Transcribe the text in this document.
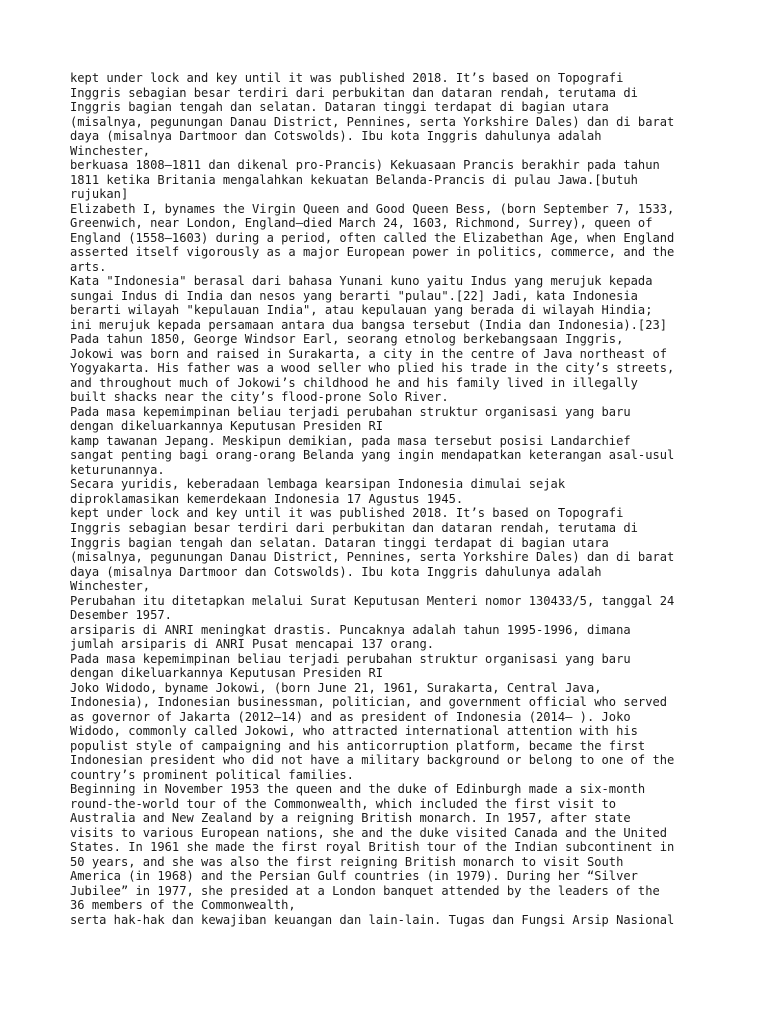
kept under lock and key until it was published 2018. It’s based on Topografi
Inggris sebagian besar terdiri dari perbukitan dan dataran rendah, terutama di
Inggris bagian tengah dan selatan. Dataran tinggi terdapat di bagian utara
(misalnya, pegunungan Danau District, Pennines, serta Yorkshire Dales) dan di barat
daya (misalnya Dartmoor dan Cotswolds). Ibu kota Inggris dahulunya adalah
Winchester,
berkuasa 1808–1811 dan dikenal pro-Prancis) Kekuasaan Prancis berakhir pada tahun
1811 ketika Britania mengalahkan kekuatan Belanda-Prancis di pulau Jawa.[butuh
rujukan]
Elizabeth I, bynames the Virgin Queen and Good Queen Bess, (born September 7, 1533,
Greenwich, near London, England—died March 24, 1603, Richmond, Surrey), queen of
England (1558–1603) during a period, often called the Elizabethan Age, when England
asserted itself vigorously as a major European power in politics, commerce, and the
arts.
Kata "Indonesia" berasal dari bahasa Yunani kuno yaitu Indus yang merujuk kepada
sungai Indus di India dan nesos yang berarti "pulau".[22] Jadi, kata Indonesia
berarti wilayah "kepulauan India", atau kepulauan yang berada di wilayah Hindia;
ini merujuk kepada persamaan antara dua bangsa tersebut (India dan Indonesia).[23]
Pada tahun 1850, George Windsor Earl, seorang etnolog berkebangsaan Inggris,
Jokowi was born and raised in Surakarta, a city in the centre of Java northeast of
Yogyakarta. His father was a wood seller who plied his trade in the city’s streets,
and throughout much of Jokowi’s childhood he and his family lived in illegally
built shacks near the city’s flood-prone Solo River.
Pada masa kepemimpinan beliau terjadi perubahan struktur organisasi yang baru
dengan dikeluarkannya Keputusan Presiden RI
kamp tawanan Jepang. Meskipun demikian, pada masa tersebut posisi Landarchief
sangat penting bagi orang-orang Belanda yang ingin mendapatkan keterangan asal-usul
keturunannya.
Secara yuridis, keberadaan lembaga kearsipan Indonesia dimulai sejak
diproklamasikan kemerdekaan Indonesia 17 Agustus 1945.
kept under lock and key until it was published 2018. It’s based on Topografi
Inggris sebagian besar terdiri dari perbukitan dan dataran rendah, terutama di
Inggris bagian tengah dan selatan. Dataran tinggi terdapat di bagian utara
(misalnya, pegunungan Danau District, Pennines, serta Yorkshire Dales) dan di barat
daya (misalnya Dartmoor dan Cotswolds). Ibu kota Inggris dahulunya adalah
Winchester,
Perubahan itu ditetapkan melalui Surat Keputusan Menteri nomor 130433/5, tanggal 24
Desember 1957.
arsiparis di ANRI meningkat drastis. Puncaknya adalah tahun 1995-1996, dimana
jumlah arsiparis di ANRI Pusat mencapai 137 orang.
Pada masa kepemimpinan beliau terjadi perubahan struktur organisasi yang baru
dengan dikeluarkannya Keputusan Presiden RI
Joko Widodo, byname Jokowi, (born June 21, 1961, Surakarta, Central Java,
Indonesia), Indonesian businessman, politician, and government official who served
as governor of Jakarta (2012–14) and as president of Indonesia (2014– ). Joko
Widodo, commonly called Jokowi, who attracted international attention with his
populist style of campaigning and his anticorruption platform, became the first
Indonesian president who did not have a military background or belong to one of the
country’s prominent political families.
Beginning in November 1953 the queen and the duke of Edinburgh made a six-month
round-the-world tour of the Commonwealth, which included the first visit to
Australia and New Zealand by a reigning British monarch. In 1957, after state
visits to various European nations, she and the duke visited Canada and the United
States. In 1961 she made the first royal British tour of the Indian subcontinent in
50 years, and she was also the first reigning British monarch to visit South
America (in 1968) and the Persian Gulf countries (in 1979). During her “Silver
Jubilee” in 1977, she presided at a London banquet attended by the leaders of the
36 members of the Commonwealth,
serta hak-hak dan kewajiban keuangan dan lain-lain. Tugas dan Fungsi Arsip Nasional
